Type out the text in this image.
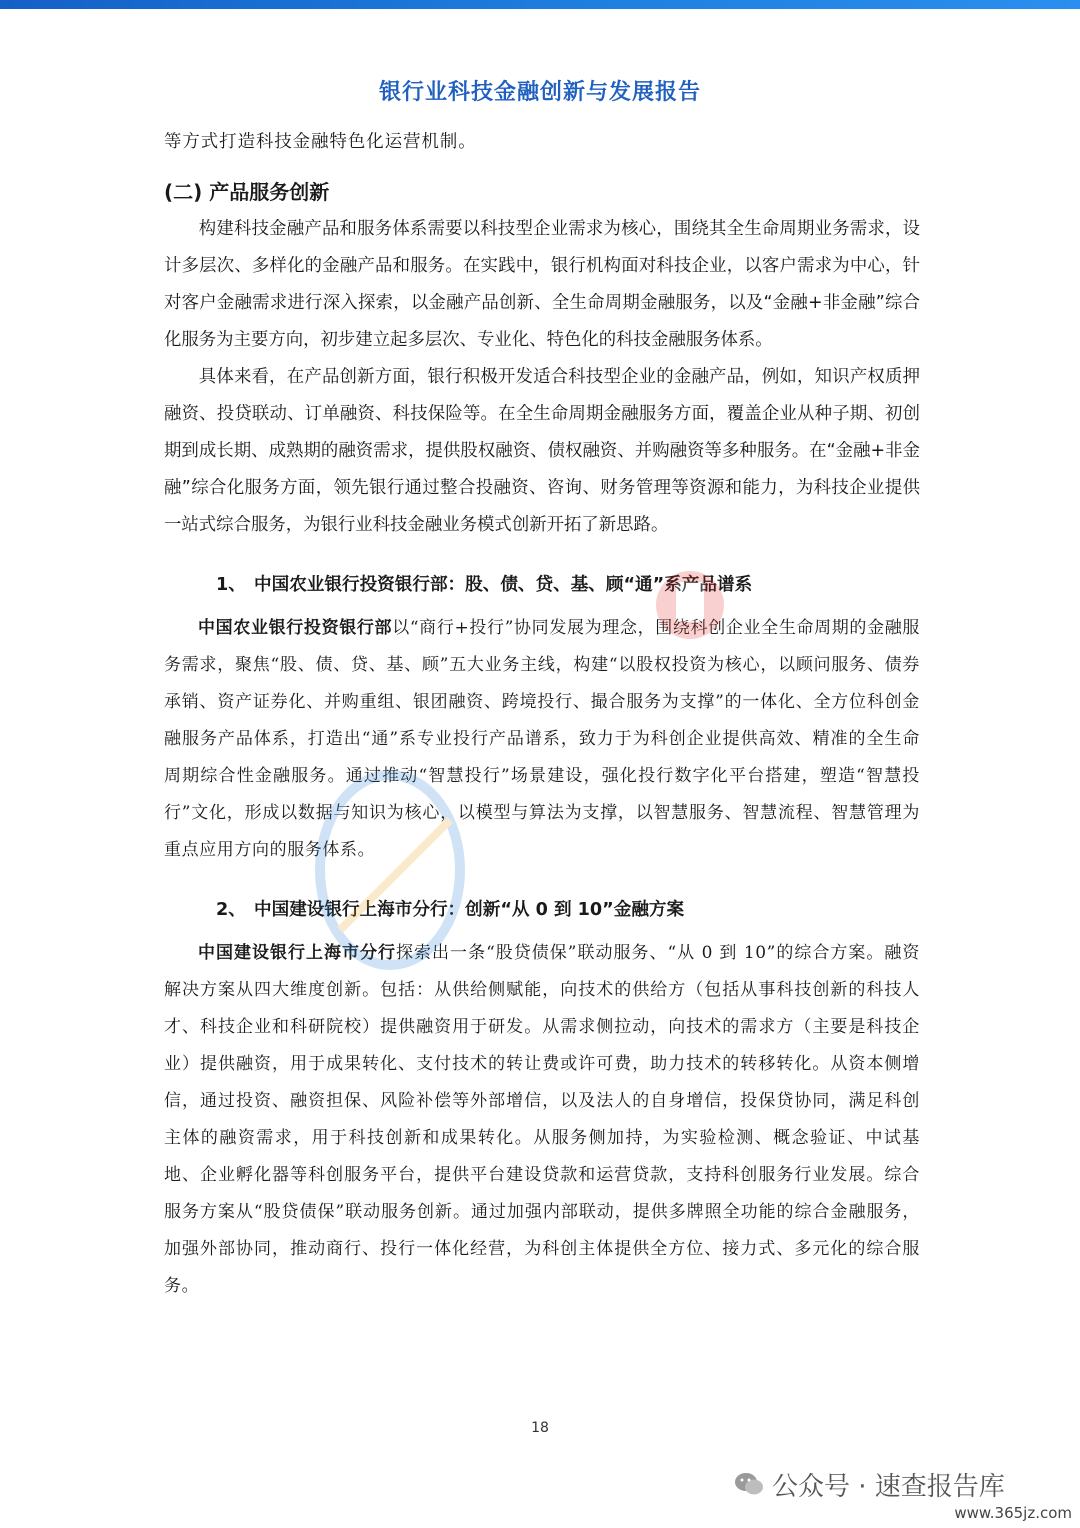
银行业科技金融创新与发展报告
等方式打造科技金融特色化运营机制。
(二) 产品服务创新

构建科技金融产品和服务体系需要以科技型企业需求为核心，围绕其全生命周期业务需求，设计多层次、多样化的金融产品和服务。在实践中，银行机构面对科技企业，以客户需求为中心，针对客户金融需求进行深入探索，以金融产品创新、全生命周期金融服务，以及“金融+非金融”综合化服务为主要方向，初步建立起多层次、专业化、特色化的科技金融服务体系。

具体来看，在产品创新方面，银行积极开发适合科技型企业的金融产品，例如，知识产权质押融资、投贷联动、订单融资、科技保险等。在全生命周期金融服务方面，覆盖企业从种子期、初创期到成长期、成熟期的融资需求，提供股权融资、债权融资、并购融资等多种服务。在“金融+非金融”综合化服务方面，领先银行通过整合投融资、咨询、财务管理等资源和能力，为科技企业提供一站式综合服务，为银行业科技金融业务模式创新开拓了新思路。

1、 中国农业银行投资银行部：股、债、贷、基、顾“通”系产品谱系

中国农业银行投资银行部以“商行+投行”协同发展为理念，围绕科创企业全生命周期的金融服务需求，聚焦“股、债、贷、基、顾”五大业务主线，构建“以股权投资为核心，以顾问服务、债券承销、资产证券化、并购重组、银团融资、跨境投行、撮合服务为支撑”的一体化、全方位科创金融服务产品体系，打造出“通”系专业投行产品谱系，致力于为科创企业提供高效、精准的全生命周期综合性金融服务。通过推动“智慧投行”场景建设，强化投行数字化平台搭建，塑造“智慧投行”文化，形成以数据与知识为核心，以模型与算法为支撑，以智慧服务、智慧流程、智慧管理为重点应用方向的服务体系。

2、 中国建设银行上海市分行：创新“从 0 到 10”金融方案

中国建设银行上海市分行探索出一条“股贷债保”联动服务、“从 0 到 10”的综合方案。融资解决方案从四大维度创新。包括：从供给侧赋能，向技术的供给方（包括从事科技创新的科技人才、科技企业和科研院校）提供融资用于研发。从需求侧拉动，向技术的需求方（主要是科技企业）提供融资，用于成果转化、支付技术的转让费或许可费，助力技术的转移转化。从资本侧增信，通过投资、融资担保、风险补偿等外部增信，以及法人的自身增信，投保贷协同，满足科创主体的融资需求，用于科技创新和成果转化。从服务侧加持，为实验检测、概念验证、中试基地、企业孵化器等科创服务平台，提供平台建设贷款和运营贷款，支持科创服务行业发展。综合服务方案从“股贷债保”联动服务创新。通过加强内部联动，提供多牌照全功能的综合金融服务，加强外部协同，推动商行、投行一体化经营，为科创主体提供全方位、接力式、多元化的综合服务。

18
公众号 · 速查报告库
www.365jz.com
